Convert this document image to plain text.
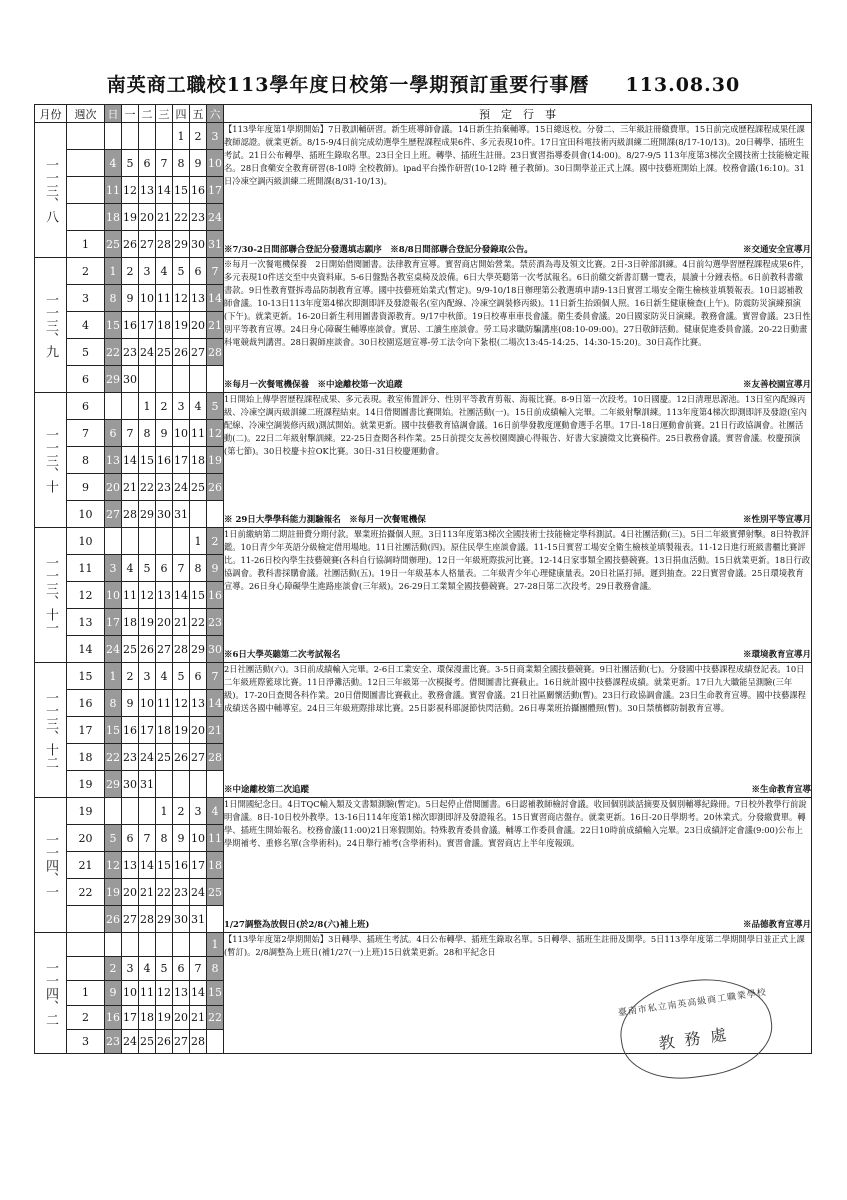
南英商工職校113學年度日校第一學期預訂重要行事曆 113.08.30
月份	週次	日	一	二	三	四	五	六	預　定　行　事
一一三、八						1	2	3	【113學年度第1學期開始】7日教訓輔研習。新生班導師會議。14日新生抬棄輔導。15日總返校。分發二、三年級註冊繳費單。15日前完成歷程課程成果任課教師認證。就業更新。8/15-9/4日前完成幼選學生歷程課程成果6件、多元表現10件。17日宜田科電技術丙級訓練二班開課(8/17-10/13)。20日轉學、插班生考試。21日公布轉學、插班生錄取名單。23日全日上班。轉學、插班生註冊。23日實習指導委員會(14:00)。8/27-9/5 113年度第3梯次全國技術士技能檢定報名。28日食藥安全教育研習(8-10時 全校教師)。ipad平台操作研習(10-12時 種子教師)。30日開學並正式上課。國中技藝班開始上課。校務會議(16:10)。31日冷凍空調丙級訓練二班開課(8/31-10/13)。
※7/30-2日間部聯合登記分發選填志願序　※8/8日間部聯合登記分發錄取公告。 ※交通安全宣導月

		4	5	6	7	8	9	10	
		11	12	13	14	15	16	17	
		18	19	20	21	22	23	24	
	1	25	26	27	28	29	30	31	
一一三、九	2	1	2	3	4	5	6	7	※每月一次餐電機保養　2日開始借閱圖書。法律教育宣導。實習商店開始營業。禁菸酒為毒及領文比賽。2日-3日幹部訓練。4日前勾選學習歷程課程成果6件，多元表現10件送交至中央資料庫。5-6日盤點各教室桌椅及設備。6日大學英聽第一次考試報名。6日前繳交新書訂購一覽表，晨讀十分鐘表格。6日前教科書繳書款。9日性教育暨拆毒品防制教育宣導。國中技藝班始業式(暫定)。9/9-10/18日辦理第公教選填申請9-13日實習工場安全衛生檢核並填製報表。10日認補教師會議。10-13日113年度第4梯次即測即評及發證報名(室內配線、冷凍空調裝修丙級)。11日新生抬頭個人照。16日新生健康檢查(上午)。防震防災演練預演(下午)。就業更新。16-20日新生利用圖書資源教育。9/17中秋節。19日校專車車長會議。衛生委員會議。20日國家防災日演練。教務會議。實習會議。23日性別平等教育宣導。24日身心障礙生輔導座談會。實居、工讀生座談會。勞工局求職防騙講座(08:10-09:00)。27日敬師活動。健康促進委員會議。20-22日動畫科電競裁判講習。28日親師座談會。30日校園巡迴宣導-勞工法令向下紮根(二場次13:45-14:25、14:30-15:20)。30日高作比賽。
※每月一次餐電機保養　※中途離校第一次追蹤 ※友善校園宣導月

	3	8	9	10	11	12	13	14	
	4	15	16	17	18	19	20	21	
	5	22	23	24	25	26	27	28	
	6	29	30						
一一三、十	6			1	2	3	4	5	1日開始上傳學習歷程課程成果、多元表現。教室佈置評分、性別平等教育剪報、海報比賽。8-9日第一次段考。10日國慶。12日清理思源池。13日室內配線丙級、冷凍空調丙級訓練二班課程結束。14日借閱圖書比賽開始。社團活動(一)。15日前成績輸入完畢。二年級射擊訓練。113年度第4梯次即測即評及發證(室內配線、冷凍空調裝修丙級)測試開始。就業更新。國中技藝教育協調會議。16日前學發教度運動會選手名單。17日-18日運動會前賽。21日行政協調會。社團活動(二)。22日二年級射擊訓練。22-25日查閱各科作業。25日前提交友善校園閱讀心得報告、好書大家讀徵文比賽稿件。25日教務會議。實習會議。校慶預演(第七節)。30日校慶卡拉OK比賽。30日-31日校慶運動會。
※ 29日大學學科能力測驗報名　※每月一次餐電機保 ※性別平等宣導月

	7	6	7	8	9	10	11	12	
	8	13	14	15	16	17	18	19	
	9	20	21	22	23	24	25	26	
	10	27	28	29	30	31			
一一三、十一	10						1	2	1日前繳納第二期註冊費分期付款。畢業班抬攝個人照。3日113年度第3梯次全國技術士技能檢定學科測試。4日社團活動(三)。5日二年級實彈射擊。8日特教評鑑。10日青少年英語分級檢定借用場地。11日社團活動(四)。原住民學生座談會議。11-15日實習工場安全衛生檢核並填製報表。11-12日進行班級書櫃比賽評比。11-26日校內學生技藝競賽(各科自行協調時間辦理)。12日一年級班際拔河比賽。12-14日家事類全國技藝競賽。13日捐血活動。15日就業更新。18日行政協調會。教科書採購會議。社團活動(五)。19日一年級基本人格量表。二年級青少年心理健康量表。20日社區打掃。遲到抽查。22日實習會議。25日環境教育宣導。26日身心障礙學生進路座談會(三年級)。26-29日工業類全國技藝競賽。27-28日第二次段考。29日教務會議。
※6日大學英聽第二次考試報名 ※環境教育宣導月

	11	3	4	5	6	7	8	9	
	12	10	11	12	13	14	15	16	
	13	17	18	19	20	21	22	23	
	14	24	25	26	27	28	29	30	
一一三、十二	15	1	2	3	4	5	6	7	2日社團活動(六)。3日前成績輸入完畢。2-6日工業安全、環保漫畫比賽。3-5日商業類全國技藝競賽。9日社團活動(七)。分發國中技藝課程成績登記表。10日二年級班際籃球比賽。11日淨灘活動。12日三年級第一次模擬考。借閱圖書比賽截止。16日統計國中技藝課程成績。就業更新。17日九大職能呈測驗(三年級)。17-20日查閱各科作業。20日借閱圖書比賽截止。教務會議。實習會議。21日社區關懷活動(暫)。23日行政協調會議。23日生命教育宣導。國中技藝課程成績送各國中輔導室。24日三年級班際排球比賽。25日影視科耶誕節快閃活動。26日專業班抬攝團體照(暫)。30日禁檳榔防制教育宣導。
※中途離校第二次追蹤 ※生命教育宣導

	16	8	9	10	11	12	13	14	
	17	15	16	17	18	19	20	21	
	18	22	23	24	25	26	27	28	
	19	29	30	31					
一一四、一	19				1	2	3	4	1日開國紀念日。4日TQC輸入類及文書類測驗(暫定)。5日起停止借閱圖書。6日認補教師檢討會議。收回個別談話摘要及個別輔導紀錄冊。7日校外教學行前說明會議。8日-10日校外教學。13-16日114年度第1梯次即測即評及發證報名。15日實習商店盤存。就業更新。16日-20日學期考。20休業式。分發繳費單。轉學、插班生開始報名。校務會議(11:00)21日寒假開始。特殊教育委員會議。輔導工作委員會議。22日10時前成績輸入完畢。23日成績評定會議(9:00)公布上學期補考、重修名單(含學術科)。24日舉行補考(含學術科)。實習會議。實習商店上半年度報頭。
1/27調整為放假日(於2/8(六)補上班) ※品德教育宣導月

	20	5	6	7	8	9	10	11	
	21	12	13	14	15	16	17	18	
	22	19	20	21	22	23	24	25	
		26	27	28	29	30	31		
一一四、二								1	【113學年度第2學期開始】3日轉學、插班生考試。4日公布轉學、插班生錄取名單。5日轉學、插班生註冊及開學。5日113學年度第二學期開學日並正式上課(暫訂)。2/8調整為上班日(補1/27(一)上班)15日就業更新。28和平紀念日

		2	3	4	5	6	7	8	
	1	9	10	11	12	13	14	15	
	2	16	17	18	19	20	21	22	
	3	23	24	25	26	27	28		
臺南市私立南英高級商工職業學校
教務處
